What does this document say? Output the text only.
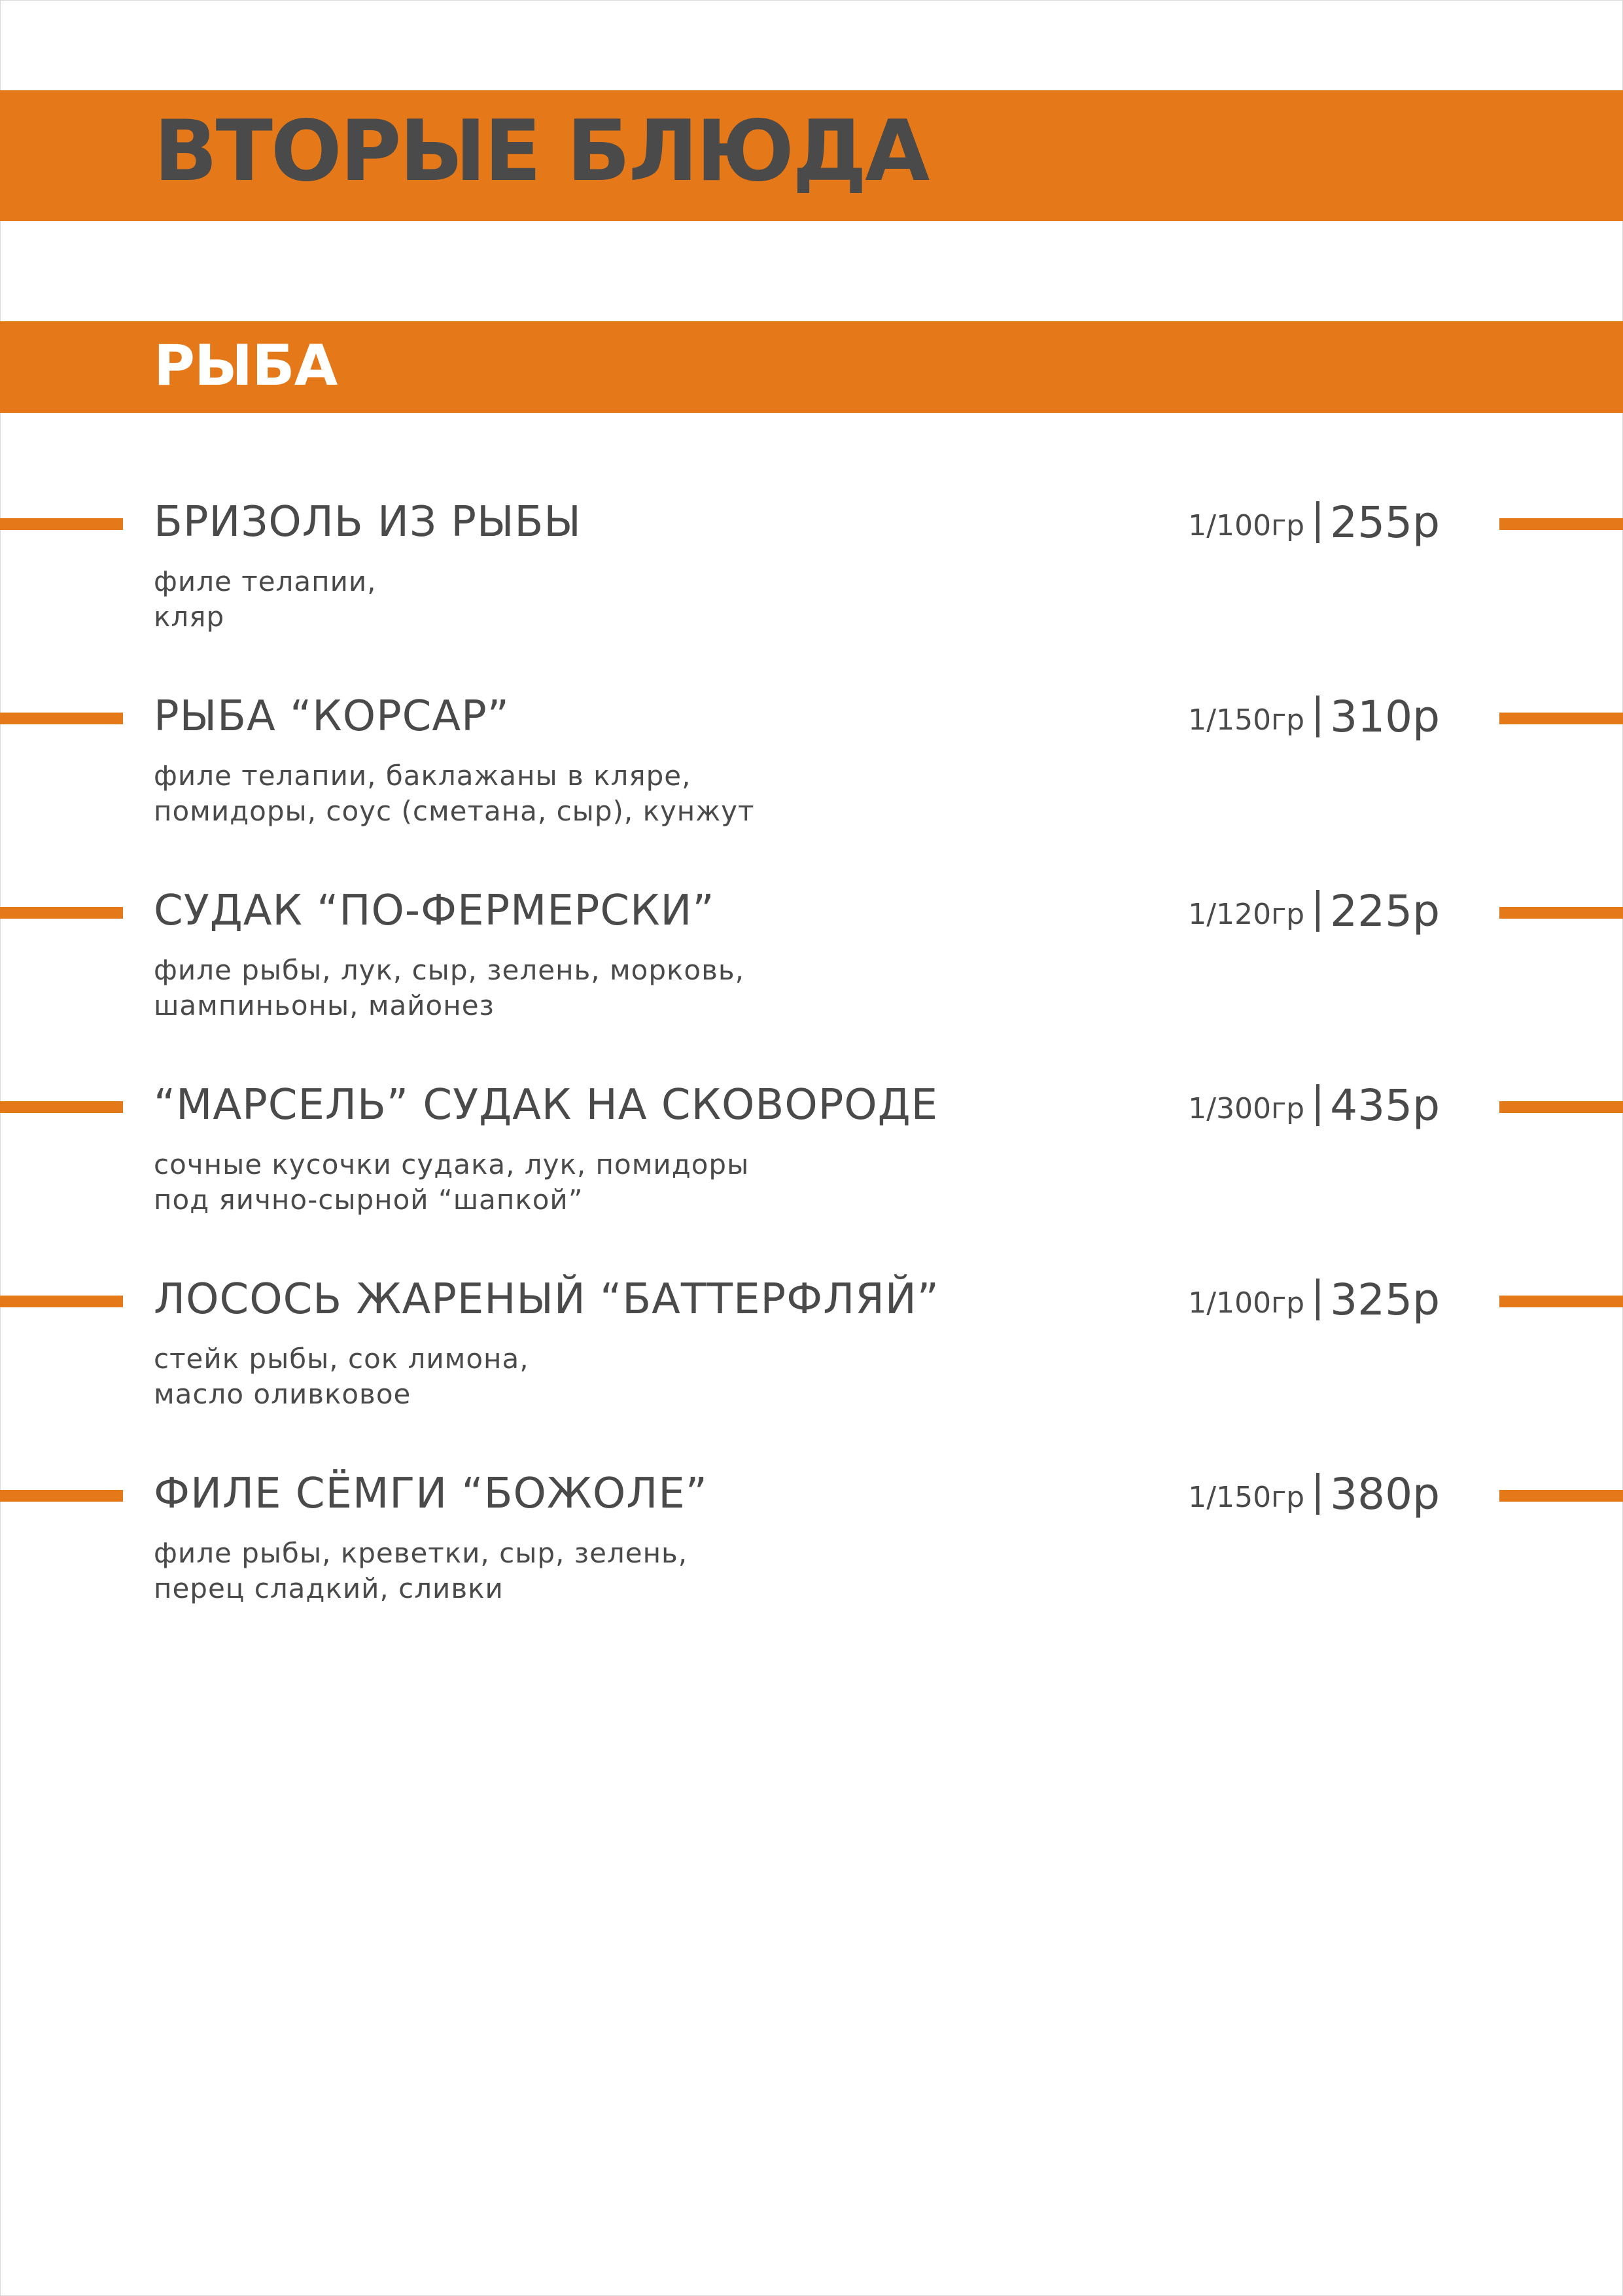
ВТОРЫЕ БЛЮДА
РЫБА
БРИЗОЛЬ ИЗ РЫБЫ	1/100гр 255р
филе телапии,
кляр
РЫБА “КОРСАР”	1/150гр 310р
филе телапии, баклажаны в кляре,
помидоры, соус (сметана, сыр), кунжут
СУДАК “ПО-ФЕРМЕРСКИ”	1/120гр 225р
филе рыбы, лук, сыр, зелень, морковь,
шампиньоны, майонез
“МАРСЕЛЬ” СУДАК НА СКОВОРОДЕ	1/300гр 435р
сочные кусочки судака, лук, помидоры
под яично-сырной “шапкой”
ЛОСОСЬ ЖАРЕНЫЙ “БАТТЕРФЛЯЙ”	1/100гр 325р
стейк рыбы, сок лимона,
масло оливковое
ФИЛЕ СЁМГИ “БОЖОЛЕ”	1/150гр 380р
филе рыбы, креветки, сыр, зелень,
перец сладкий, сливки
